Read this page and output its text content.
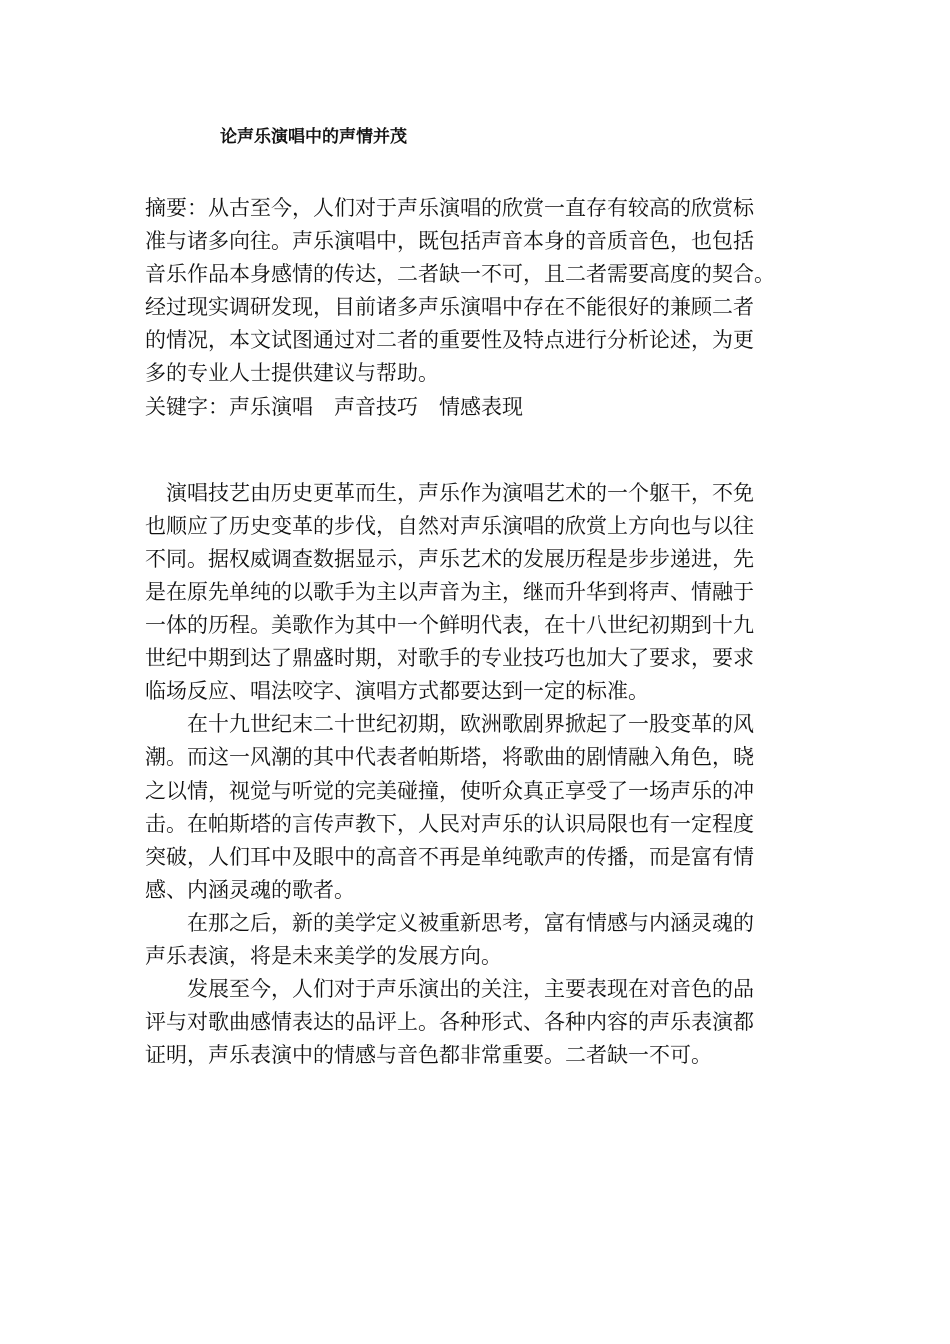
论声乐演唱中的声情并茂
摘要：从古至今，人们对于声乐演唱的欣赏一直存有较高的欣赏标
准与诸多向往。声乐演唱中，既包括声音本身的音质音色，也包括
音乐作品本身感情的传达，二者缺一不可，且二者需要高度的契合。
经过现实调研发现，目前诸多声乐演唱中存在不能很好的兼顾二者
的情况，本文试图通过对二者的重要性及特点进行分析论述，为更
多的专业人士提供建议与帮助。
关键字：声乐演唱　声音技巧　情感表现
　演唱技艺由历史更革而生，声乐作为演唱艺术的一个躯干，不免
也顺应了历史变革的步伐，自然对声乐演唱的欣赏上方向也与以往
不同。据权威调查数据显示，声乐艺术的发展历程是步步递进，先
是在原先单纯的以歌手为主以声音为主，继而升华到将声、情融于
一体的历程。美歌作为其中一个鲜明代表，在十八世纪初期到十九
世纪中期到达了鼎盛时期，对歌手的专业技巧也加大了要求，要求
临场反应、唱法咬字、演唱方式都要达到一定的标准。
　　在十九世纪末二十世纪初期，欧洲歌剧界掀起了一股变革的风
潮。而这一风潮的其中代表者帕斯塔，将歌曲的剧情融入角色，晓
之以情，视觉与听觉的完美碰撞，使听众真正享受了一场声乐的冲
击。在帕斯塔的言传声教下，人民对声乐的认识局限也有一定程度
突破，人们耳中及眼中的高音不再是单纯歌声的传播，而是富有情
感、内涵灵魂的歌者。
　　在那之后，新的美学定义被重新思考，富有情感与内涵灵魂的
声乐表演，将是未来美学的发展方向。
　　发展至今，人们对于声乐演出的关注，主要表现在对音色的品
评与对歌曲感情表达的品评上。各种形式、各种内容的声乐表演都
证明，声乐表演中的情感与音色都非常重要。二者缺一不可。
